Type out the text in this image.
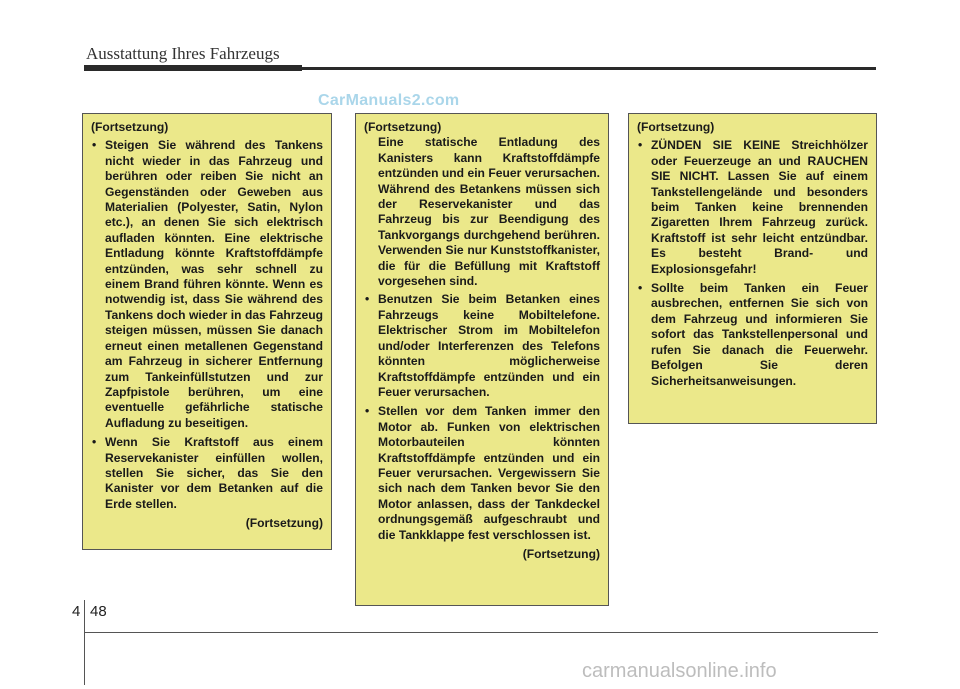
Ausstattung Ihres Fahrzeugs
CarManuals2.com

(Fortsetzung)

• Steigen Sie während des Tankens nicht wieder in das Fahrzeug und berühren oder reiben Sie nicht an Gegenständen oder Geweben aus Materialien (Polyester, Satin, Nylon etc.), an denen Sie sich elektrisch aufladen könnten. Eine elektrische Entladung könnte Kraftstoffdämpfe entzünden, was sehr schnell zu einem Brand führen könnte. Wenn es notwendig ist, dass Sie während des Tankens doch wieder in das Fahrzeug steigen müssen, müssen Sie danach erneut einen metallenen Gegenstand am Fahrzeug in sicherer Entfernung zum Tankeinfüllstutzen und zur Zapfpistole berühren, um eine eventuelle gefährliche statische Aufladung zu beseitigen.
• Wenn Sie Kraftstoff aus einem Reservekanister einfüllen wollen, stellen Sie sicher, das Sie den Kanister vor dem Betanken auf die Erde stellen.

(Fortsetzung)

(Fortsetzung)

Eine statische Entladung des Kanisters kann Kraftstoffdämpfe entzünden und ein Feuer verursachen. Während des Betankens müssen sich der Reservekanister und das Fahrzeug bis zur Beendigung des Tankvorgangs durchgehend berühren. Verwenden Sie nur Kunststoffkanister, die für die Befüllung mit Kraftstoff vorgesehen sind.

• Benutzen Sie beim Betanken eines Fahrzeugs keine Mobiltelefone. Elektrischer Strom im Mobiltelefon und/oder Interferenzen des Telefons könnten möglicherweise Kraftstoffdämpfe entzünden und ein Feuer verursachen.
• Stellen vor dem Tanken immer den Motor ab. Funken von elektrischen Motorbauteilen könnten Kraftstoffdämpfe entzünden und ein Feuer verursachen. Vergewissern Sie sich nach dem Tanken bevor Sie den Motor anlassen, dass der Tankdeckel ordnungsgemäß aufgeschraubt und die Tankklappe fest verschlossen ist.

(Fortsetzung)

(Fortsetzung)

• ZÜNDEN SIE KEINE Streichhölzer oder Feuerzeuge an und RAUCHEN SIE NICHT. Lassen Sie auf einem Tankstellengelände und besonders beim Tanken keine brennenden Zigaretten Ihrem Fahrzeug zurück. Kraftstoff ist sehr leicht entzündbar. Es besteht Brand- und Explosionsgefahr!
• Sollte beim Tanken ein Feuer ausbrechen, entfernen Sie sich von dem Fahrzeug und informieren Sie sofort das Tankstellenpersonal und rufen Sie danach die Feuerwehr. Befolgen Sie deren Sicherheitsanweisungen.
4 48
carmanualsonline.info
